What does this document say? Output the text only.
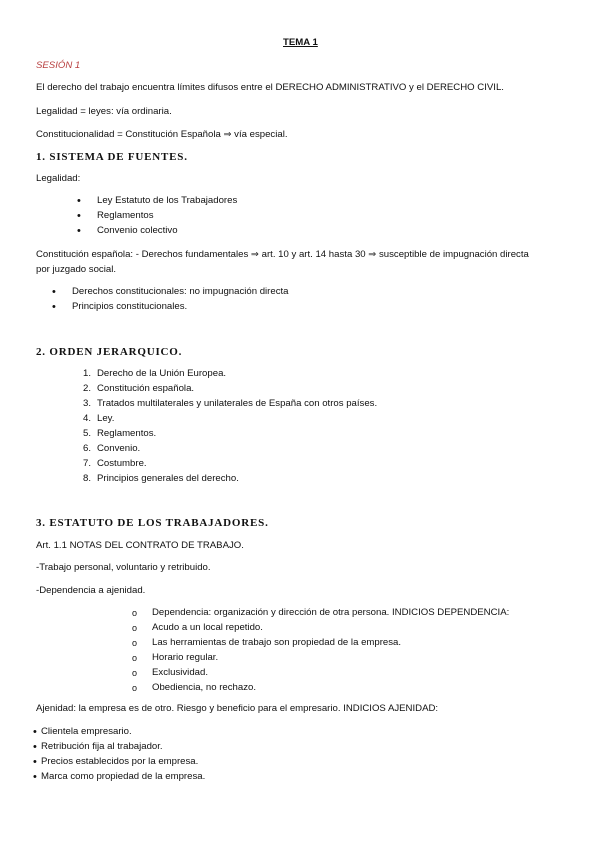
TEMA 1
SESIÓN 1
El derecho del trabajo encuentra límites difusos entre el DERECHO ADMINISTRATIVO y el DERECHO CIVIL.
Legalidad = leyes: vía ordinaria.
Constitucionalidad = Constitución Española ⇒ vía especial.
1. SISTEMA DE FUENTES.
Legalidad:
• Ley Estatuto de los Trabajadores
• Reglamentos
• Convenio colectivo
Constitución española: - Derechos fundamentales ⇒ art. 10 y art. 14 hasta 30 ⇒ susceptible de impugnación directa
por juzgado social.
• Derechos constitucionales: no impugnación directa
• Principios constitucionales.
2. ORDEN JERARQUICO.
1. Derecho de la Unión Europea.
2. Constitución española.
3. Tratados multilaterales y unilaterales de España con otros países.
4. Ley.
5. Reglamentos.
6. Convenio.
7. Costumbre.
8. Principios generales del derecho.
3. ESTATUTO DE LOS TRABAJADORES.
Art. 1.1 NOTAS DEL CONTRATO DE TRABAJO.
-Trabajo personal, voluntario y retribuido.
-Dependencia a ajenidad.
o Dependencia: organización y dirección de otra persona. INDICIOS DEPENDENCIA:
o Acudo a un local repetido.
o Las herramientas de trabajo son propiedad de la empresa.
o Horario regular.
o Exclusividad.
o Obediencia, no rechazo.
Ajenidad: la empresa es de otro. Riesgo y beneficio para el empresario. INDICIOS AJENIDAD:
• Clientela empresario.
• Retribución fija al trabajador.
• Precios establecidos por la empresa.
• Marca como propiedad de la empresa.
